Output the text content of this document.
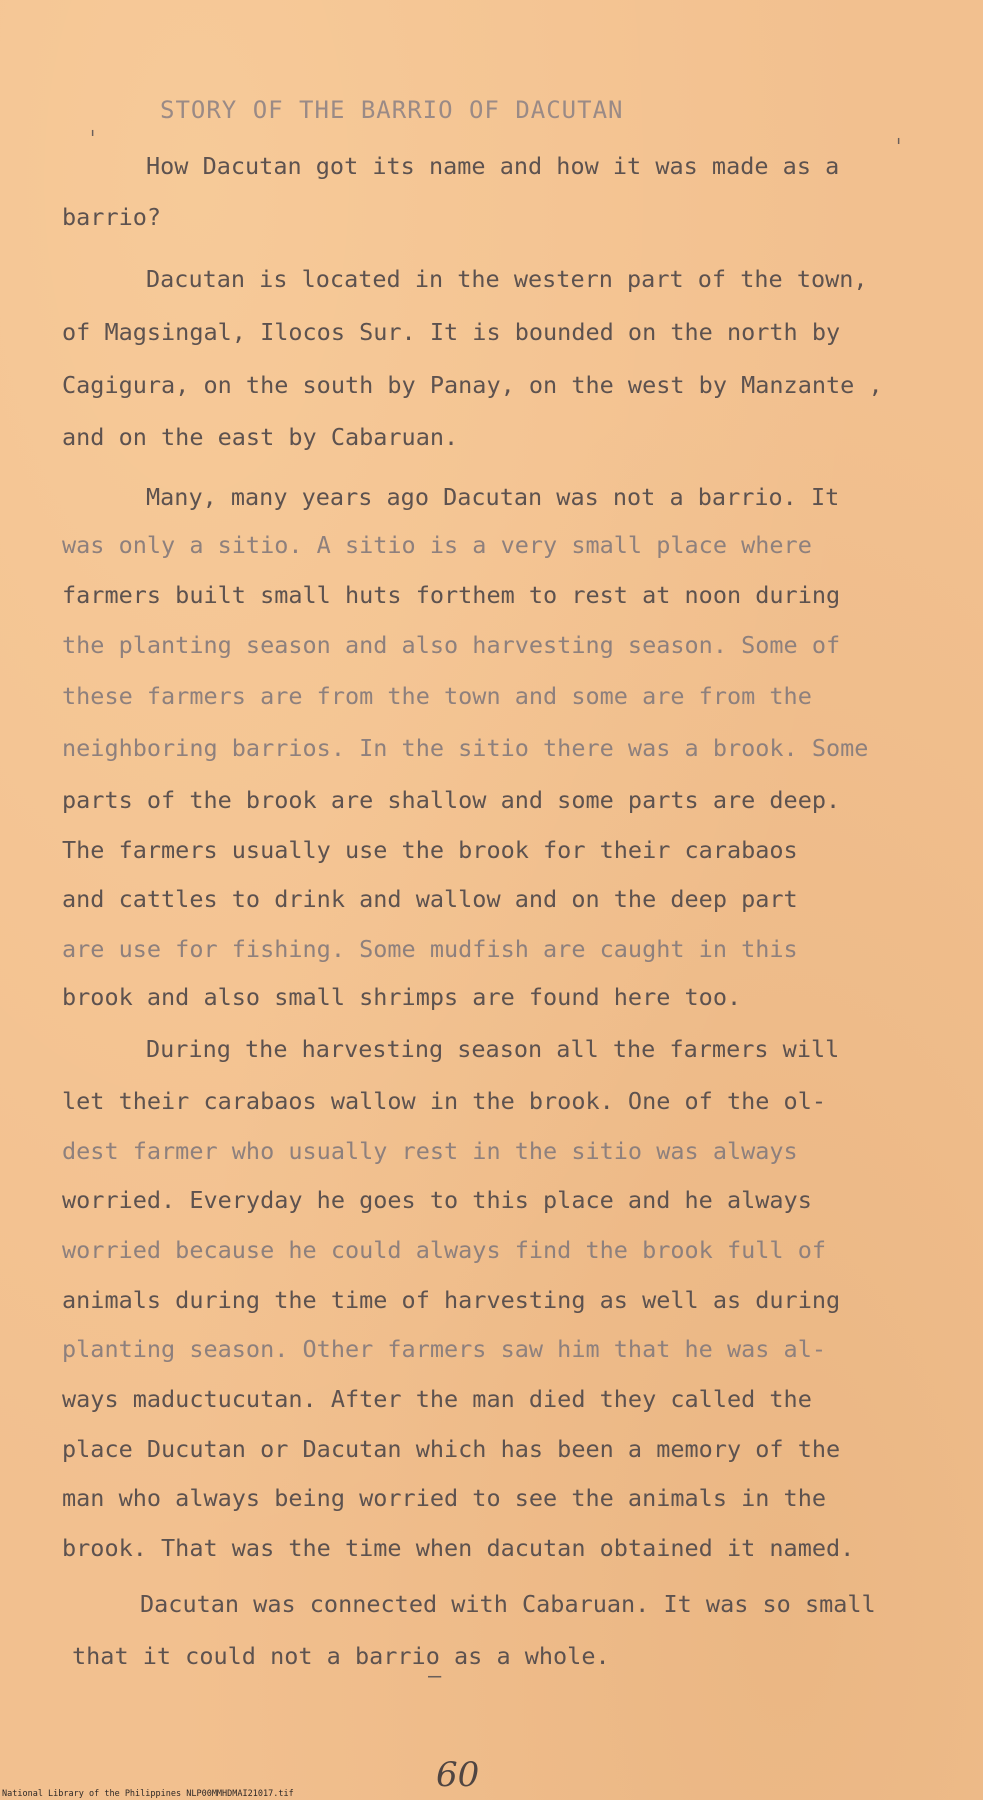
STORY OF THE BARRIO OF DACUTAN
ˈ	ˈ
How Dacutan got its name and how it was made as a
barrio?
Dacutan is located in the western part of the town,
of Magsingal, Ilocos Sur. It is bounded on the north by
Cagigura, on the south by Panay, on the west by Manzante ,
and on the east by Cabaruan.
Many, many years ago Dacutan was not a barrio. It
was only a sitio. A sitio is a very small place where
farmers built small huts forthem to rest at noon during
the planting season and also harvesting season. Some of
these farmers are from the town and some are from the
neighboring barrios. In the sitio there was a brook. Some
parts of the brook are shallow and some parts are deep.
The farmers usually use the brook for their carabaos
and cattles to drink and wallow and on the deep part
are use for fishing. Some mudfish are caught in this
brook and also small shrimps are found here too.
During the harvesting season all the farmers will
let their carabaos wallow in the brook. One of the ol-
dest farmer who usually rest in the sitio was always
worried. Everyday he goes to this place and he always
worried because he could always find the brook full of
animals during the time of harvesting as well as during
planting season. Other farmers saw him that he was al-
ways maductucutan. After the man died they called the
place Ducutan or Dacutan which has been a memory of the
man who always being worried to see the animals in the
brook. That was the time when dacutan obtained it named.
Dacutan was connected with Cabaruan. It was so small
that it could not a barrio as a whole.
–
60
National Library of the Philippines NLP00MMHDMAI21017.tif
